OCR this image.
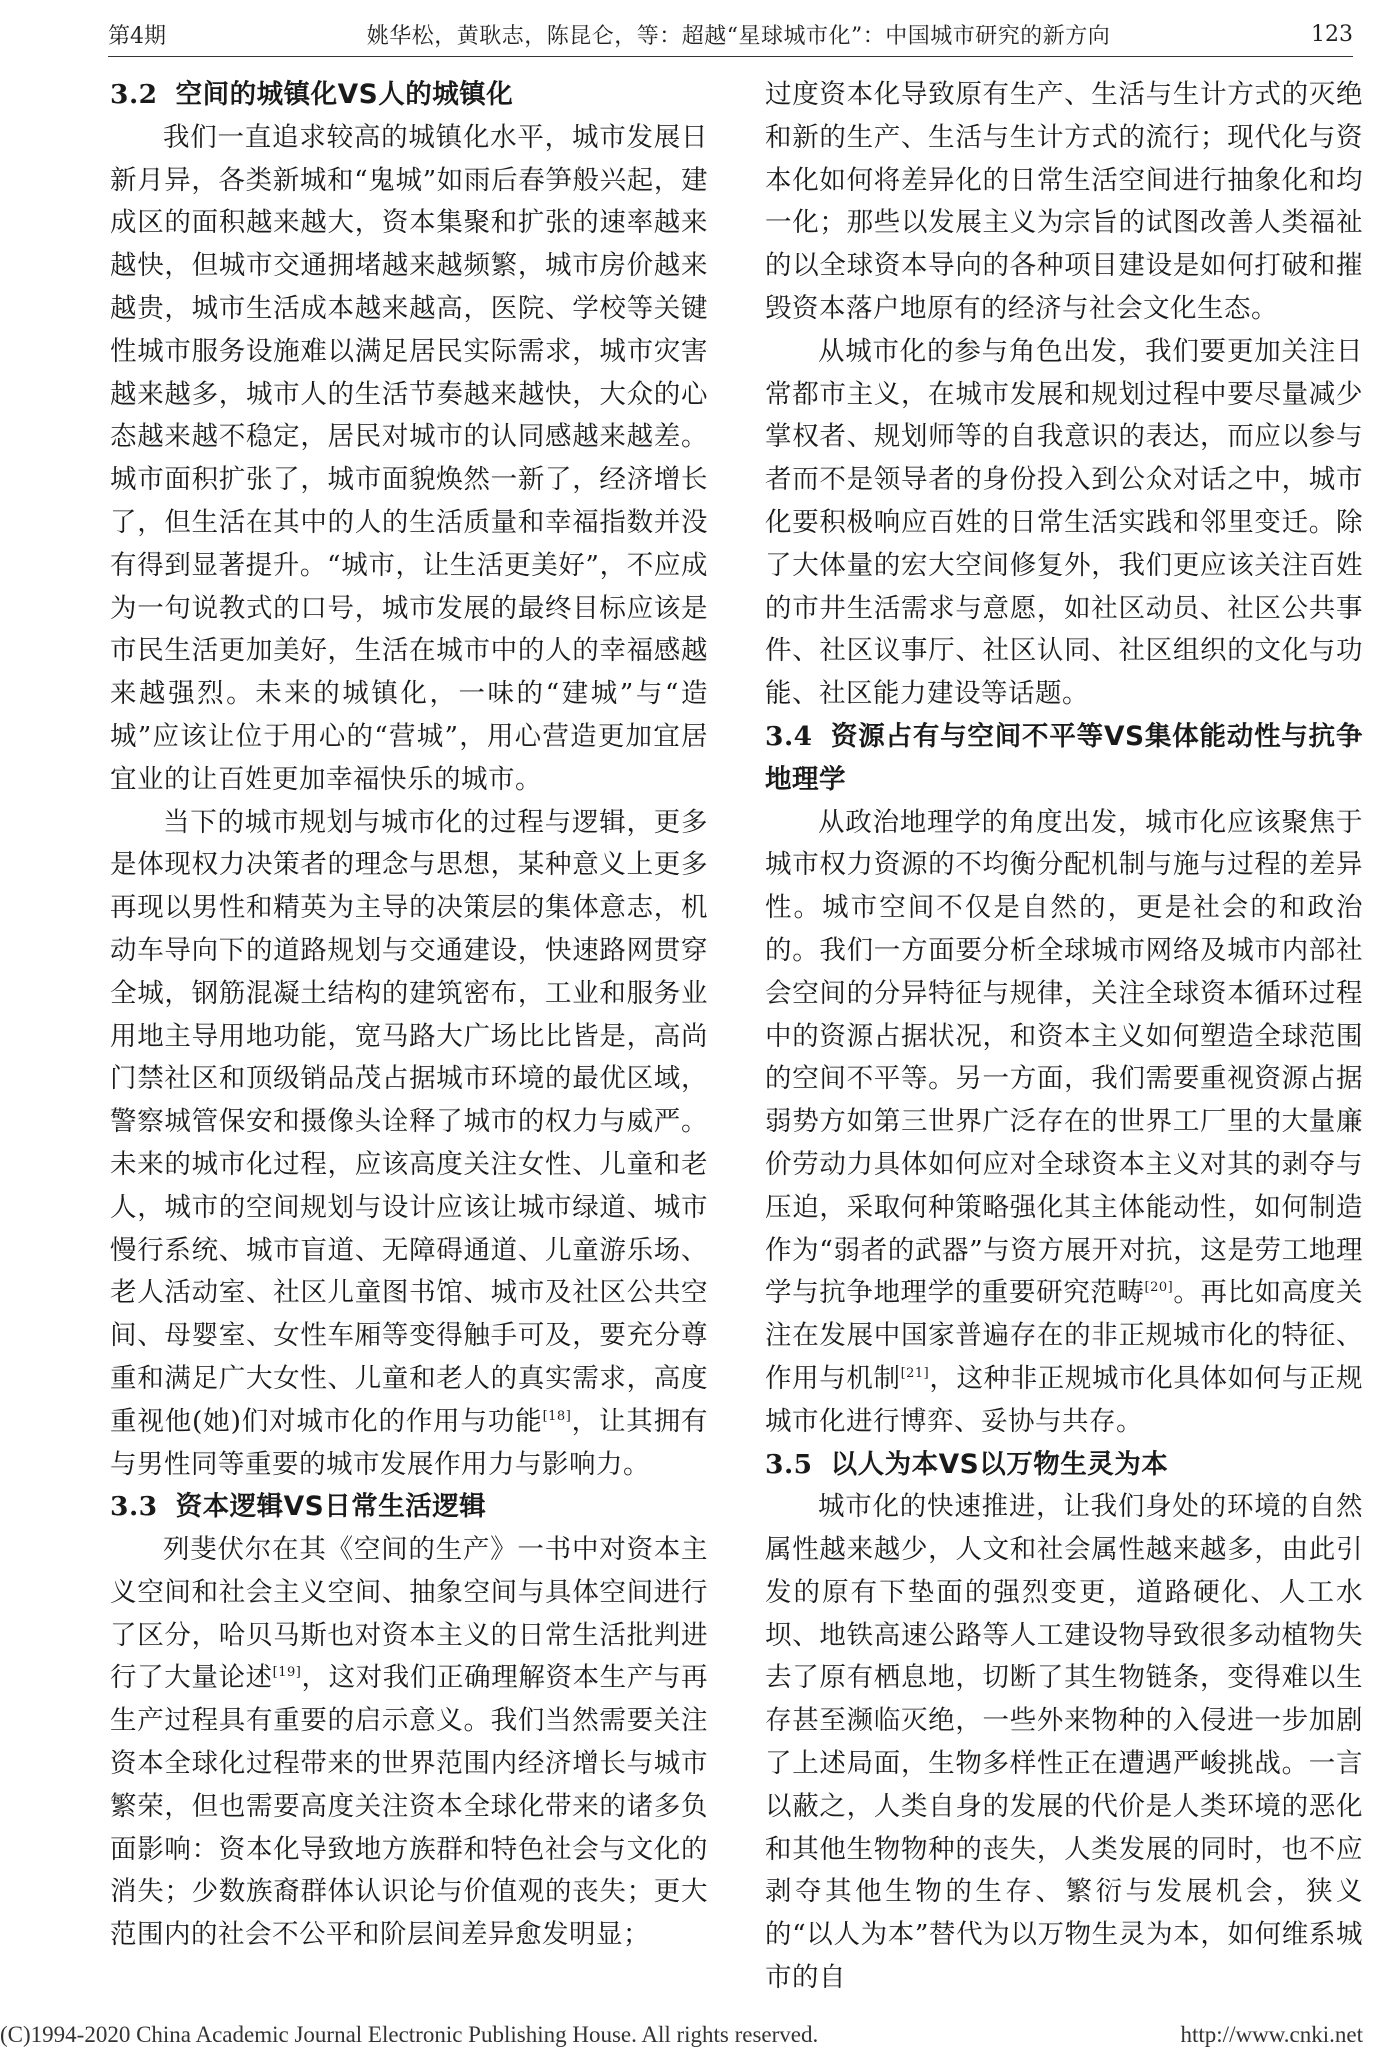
第4期	姚华松，黄耿志，陈昆仑，等：超越“星球城市化”：中国城市研究的新方向	123
3.2 空间的城镇化VS人的城镇化

我们一直追求较高的城镇化水平，城市发展日新月异，各类新城和“鬼城”如雨后春笋般兴起，建成区的面积越来越大，资本集聚和扩张的速率越来越快，但城市交通拥堵越来越频繁，城市房价越来越贵，城市生活成本越来越高，医院、学校等关键性城市服务设施难以满足居民实际需求，城市灾害越来越多，城市人的生活节奏越来越快，大众的心态越来越不稳定，居民对城市的认同感越来越差。城市面积扩张了，城市面貌焕然一新了，经济增长了，但生活在其中的人的生活质量和幸福指数并没有得到显著提升。“城市，让生活更美好”，不应成为一句说教式的口号，城市发展的最终目标应该是市民生活更加美好，生活在城市中的人的幸福感越来越强烈。未来的城镇化，一味的“建城”与“造城”应该让位于用心的“营城”，用心营造更加宜居宜业的让百姓更加幸福快乐的城市。

当下的城市规划与城市化的过程与逻辑，更多是体现权力决策者的理念与思想，某种意义上更多再现以男性和精英为主导的决策层的集体意志，机动车导向下的道路规划与交通建设，快速路网贯穿全城，钢筋混凝土结构的建筑密布，工业和服务业用地主导用地功能，宽马路大广场比比皆是，高尚门禁社区和顶级销品茂占据城市环境的最优区域，警察城管保安和摄像头诠释了城市的权力与威严。未来的城市化过程，应该高度关注女性、儿童和老人，城市的空间规划与设计应该让城市绿道、城市慢行系统、城市盲道、无障碍通道、儿童游乐场、老人活动室、社区儿童图书馆、城市及社区公共空间、母婴室、女性车厢等变得触手可及，要充分尊重和满足广大女性、儿童和老人的真实需求，高度重视他(她)们对城市化的作用与功能[18]，让其拥有与男性同等重要的城市发展作用力与影响力。

3.3 资本逻辑VS日常生活逻辑

列斐伏尔在其《空间的生产》一书中对资本主义空间和社会主义空间、抽象空间与具体空间进行了区分，哈贝马斯也对资本主义的日常生活批判进行了大量论述[19]，这对我们正确理解资本生产与再生产过程具有重要的启示意义。我们当然需要关注资本全球化过程带来的世界范围内经济增长与城市繁荣，但也需要高度关注资本全球化带来的诸多负面影响：资本化导致地方族群和特色社会与文化的消失；少数族裔群体认识论与价值观的丧失；更大范围内的社会不公平和阶层间差异愈发明显；

过度资本化导致原有生产、生活与生计方式的灭绝和新的生产、生活与生计方式的流行；现代化与资本化如何将差异化的日常生活空间进行抽象化和均一化；那些以发展主义为宗旨的试图改善人类福祉的以全球资本导向的各种项目建设是如何打破和摧毁资本落户地原有的经济与社会文化生态。

从城市化的参与角色出发，我们要更加关注日常都市主义，在城市发展和规划过程中要尽量减少掌权者、规划师等的自我意识的表达，而应以参与者而不是领导者的身份投入到公众对话之中，城市化要积极响应百姓的日常生活实践和邻里变迁。除了大体量的宏大空间修复外，我们更应该关注百姓的市井生活需求与意愿，如社区动员、社区公共事件、社区议事厅、社区认同、社区组织的文化与功能、社区能力建设等话题。

3.4 资源占有与空间不平等VS集体能动性与抗争地理学

从政治地理学的角度出发，城市化应该聚焦于城市权力资源的不均衡分配机制与施与过程的差异性。城市空间不仅是自然的，更是社会的和政治的。我们一方面要分析全球城市网络及城市内部社会空间的分异特征与规律，关注全球资本循环过程中的资源占据状况，和资本主义如何塑造全球范围的空间不平等。另一方面，我们需要重视资源占据弱势方如第三世界广泛存在的世界工厂里的大量廉价劳动力具体如何应对全球资本主义对其的剥夺与压迫，采取何种策略强化其主体能动性，如何制造作为“弱者的武器”与资方展开对抗，这是劳工地理学与抗争地理学的重要研究范畴[20]。再比如高度关注在发展中国家普遍存在的非正规城市化的特征、作用与机制[21]，这种非正规城市化具体如何与正规城市化进行博弈、妥协与共存。

3.5 以人为本VS以万物生灵为本

城市化的快速推进，让我们身处的环境的自然属性越来越少，人文和社会属性越来越多，由此引发的原有下垫面的强烈变更，道路硬化、人工水坝、地铁高速公路等人工建设物导致很多动植物失去了原有栖息地，切断了其生物链条，变得难以生存甚至濒临灭绝，一些外来物种的入侵进一步加剧了上述局面，生物多样性正在遭遇严峻挑战。一言以蔽之，人类自身的发展的代价是人类环境的恶化和其他生物物种的丧失，人类发展的同时，也不应剥夺其他生物的生存、繁衍与发展机会，狭义的“以人为本”替代为以万物生灵为本，如何维系城市的自

(C)1994-2020 China Academic Journal Electronic Publishing House. All rights reserved.	http://www.cnki.net
